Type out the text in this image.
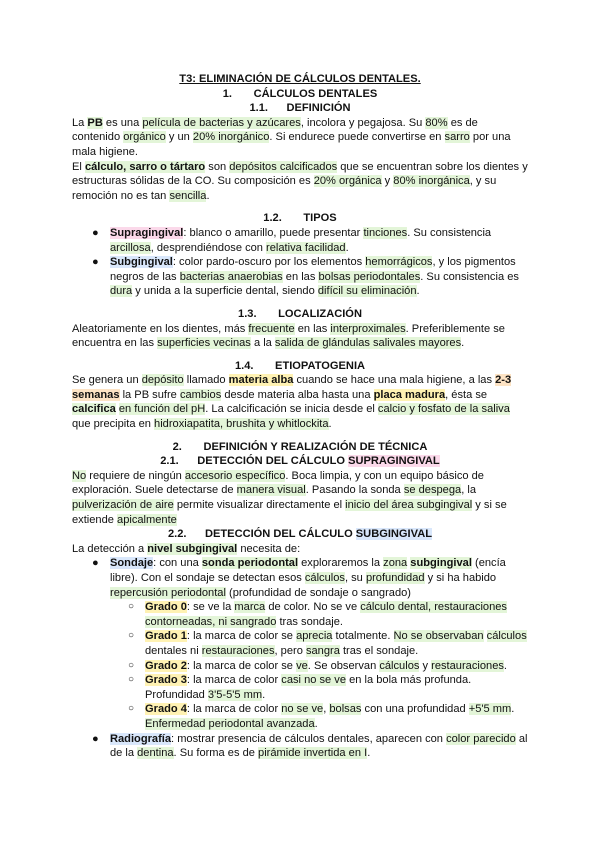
T3: ELIMINACIÓN DE CÁLCULOS DENTALES.

1. CÁLCULOS DENTALES

1.1. DEFINICIÓN

La PB es una película de bacterias y azúcares, incolora y pegajosa. Su 80% es de contenido orgánico y un 20% inorgánico. Si endurece puede convertirse en sarro por una mala higiene.

El cálculo, sarro o tártaro son depósitos calcificados que se encuentran sobre los dientes y estructuras sólidas de la CO. Su composición es 20% orgánica y 80% inorgánica, y su remoción no es tan sencilla.

1.2. TIPOS

● Supragingival: blanco o amarillo, puede presentar tinciones. Su consistencia arcillosa, desprendiéndose con relativa facilidad.

● Subgingival: color pardo-oscuro por los elementos hemorrágicos, y los pigmentos negros de las bacterias anaerobias en las bolsas periodontales. Su consistencia es dura y unida a la superficie dental, siendo difícil su eliminación.

1.3. LOCALIZACIÓN

Aleatoriamente en los dientes, más frecuente en las interproximales. Preferiblemente se encuentra en las superficies vecinas a la salida de glándulas salivales mayores.

1.4. ETIOPATOGENIA

Se genera un depósito llamado materia alba cuando se hace una mala higiene, a las 2-3 semanas la PB sufre cambios desde materia alba hasta una placa madura, ésta se calcifica en función del pH. La calcificación se inicia desde el calcio y fosfato de la saliva que precipita en hidroxiapatita, brushita y whitlockita.

2. DEFINICIÓN Y REALIZACIÓN DE TÉCNICA

2.1. DETECCIÓN DEL CÁLCULO SUPRAGINGIVAL

No requiere de ningún accesorio específico. Boca limpia, y con un equipo básico de exploración. Suele detectarse de manera visual. Pasando la sonda se despega, la pulverización de aire permite visualizar directamente el inicio del área subgingival y si se extiende apicalmente

2.2. DETECCIÓN DEL CÁLCULO SUBGINGIVAL

La detección a nivel subgingival necesita de:

● Sondaje: con una sonda periodontal exploraremos la zona subgingival (encía libre). Con el sondaje se detectan esos cálculos, su profundidad y si ha habido repercusión periodontal (profundidad de sondaje o sangrado)

○ Grado 0: se ve la marca de color. No se ve cálculo dental, restauraciones contorneadas, ni sangrado tras sondaje.

○ Grado 1: la marca de color se aprecia totalmente. No se observaban cálculos dentales ni restauraciones, pero sangra tras el sondaje.

○ Grado 2: la marca de color se ve. Se observan cálculos y restauraciones.

○ Grado 3: la marca de color casi no se ve en la bola más profunda. Profundidad 3'5-5'5 mm.

○ Grado 4: la marca de color no se ve, bolsas con una profundidad +5'5 mm. Enfermedad periodontal avanzada.

● Radiografía: mostrar presencia de cálculos dentales, aparecen con color parecido al de la dentina. Su forma es de pirámide invertida en I.
